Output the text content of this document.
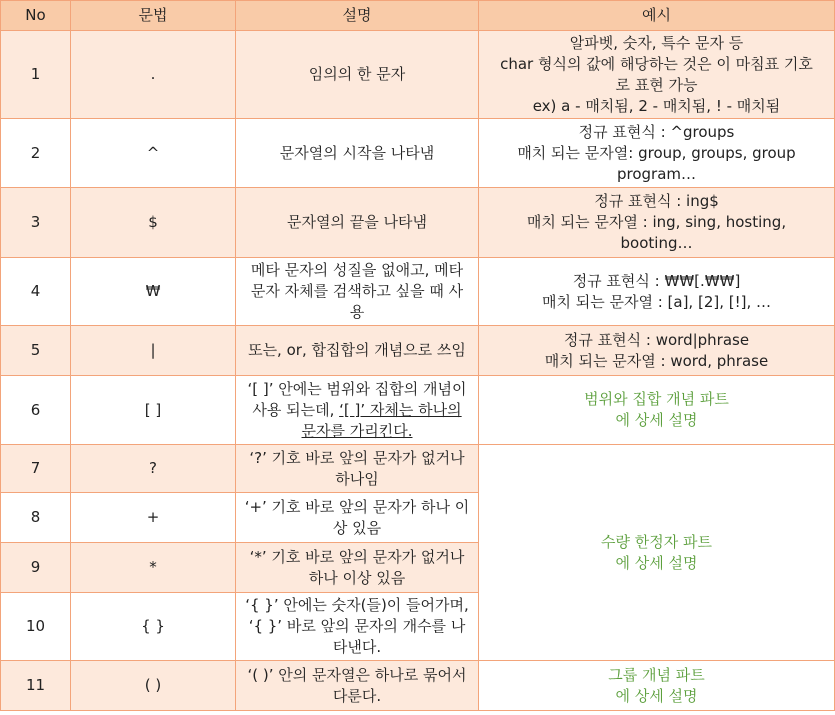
No	문법	설명	예시
1	.	임의의 한 문자	알파벳, 숫자, 특수 문자 등
char 형식의 값에 해당하는 것은 이 마침표 기호
로 표현 가능
ex) a - 매치됨, 2 - 매치됨, ! - 매치됨
2	^	문자열의 시작을 나타냄	정규 표현식 : ^groups
매치 되는 문자열: group, groups, group
program…
3	$	문자열의 끝을 나타냄	정규 표현식 : ing$
매치 되는 문자열 : ing, sing, hosting,
booting…
4	₩	메타 문자의 성질을 없애고, 메타
문자 자체를 검색하고 싶을 때 사
용	정규 표현식 : ₩₩[.₩₩]
매치 되는 문자열 : [a], [2], [!], …
5	|	또는, or, 합집합의 개념으로 쓰임	정규 표현식 : word|phrase
매치 되는 문자열 : word, phrase
6	[ ]	‘[ ]’ 안에는 범위와 집합의 개념이
사용 되는데, ‘[ ]’ 자체는 하나의
문자를 가리킨다.	범위와 집합 개념 파트
에 상세 설명
7	?	‘?’ 기호 바로 앞의 문자가 없거나
하나임	수량 한정자 파트
에 상세 설명
8	+	‘+’ 기호 바로 앞의 문자가 하나 이
상 있음	
9	*	‘*’ 기호 바로 앞의 문자가 없거나
하나 이상 있음	
10	{ }	‘{ }’ 안에는 숫자(들)이 들어가며,
‘{ }’ 바로 앞의 문자의 개수를 나
타낸다.	
11	( )	‘( )’ 안의 문자열은 하나로 묶어서
다룬다.	그룹 개념 파트
에 상세 설명
